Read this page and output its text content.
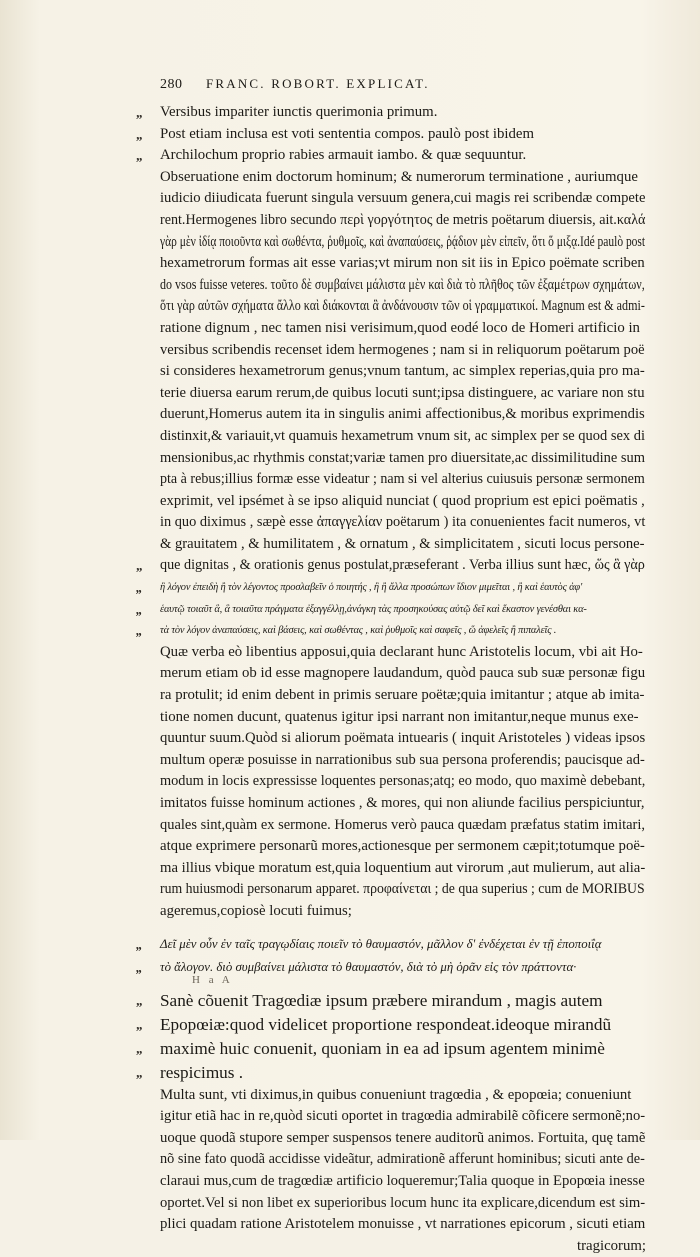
280 FRANC. ROBORT. EXPLICAT.
„ Versibus impariter iunctis querimonia primum.
„ Post etiam inclusa est voti sententia compos. paulò post ibidem
„ Archilochum proprio rabies armauit iambo. & quæ sequuntur.
Obseruatione enim doctorum hominum; & numerorum terminatione , auriumque
iudicio diiudicata fuerunt singula versuum genera,cui magis rei scribendæ compete
rent.Hermogenes libro secundo περὶ γοργότητος de metris poëtarum diuersis, ait.καλά
γὰρ μὲν ἰδίᾳ ποιοῦντα καὶ σωθέντα, ῥυθμοῖς, καὶ ἀναπαύσεις, ῥᾴδιον μὲν εἰπεῖν, ὅτι ὅ μιξᾳ.Idé paulò post
hexametrorum formas ait esse varias;vt mirum non sit iis in Epico poëmate scriben
do vsos fuisse veteres. τοῦτο δὲ συμβαίνει μάλιστα μὲν καὶ διὰ τὸ πλῆθος τῶν ἐξαμέτρων σχημάτων,
ὅτι γὰρ αὐτῶν σχήματα ἄλλο καὶ διάκονται ἃ ἀνδάνουσιν τῶν οἱ γραμματικοί. Magnum est & admi-
ratione dignum , nec tamen nisi verisimum,quod eodé loco de Homeri artificio in
versibus scribendis recenset idem hermogenes ; nam si in reliquorum poëtarum poë
si consideres hexametrorum genus;vnum tantum, ac simplex reperias,quia pro ma-
terie diuersa earum rerum,de quibus locuti sunt;ipsa distinguere, ac variare non stu
duerunt,Homerus autem ita in singulis animi affectionibus,& moribus exprimendis
distinxit,& variauit,vt quamuis hexametrum vnum sit, ac simplex per se quod sex di
mensionibus,ac rhythmis constat;variæ tamen pro diuersitate,ac dissimilitudine sum
pta à rebus;illius formæ esse videatur ; nam si vel alterius cuiusuis personæ sermonem
exprimit, vel ipsémet à se ipso aliquid nunciat ( quod proprium est epici poëmatis ,
in quo diximus , sæpè esse ἀπαγγελίαν poëtarum ) ita conuenientes facit numeros, vt
& grauitatem , & humilitatem , & ornatum , & simplicitatem , sicuti locus persone-
„ que dignitas , & orationis genus postulat,præseferant . Verba illius sunt hæc, ὥς ἃ γὰρ
„ ἢ λόγον ἐπειδὴ ἢ τὸν λέγοντος προσλαβεῖν ὁ ποιητής , ἢ ἢ ἄλλα προσώπων ἴδιον μιμεῖται , ἢ καὶ ἑαυτὸς ἀφ'
„ ἑαυτῷ τοιαῦτ ἃ, ἃ τοιαῦτα πράγματα ἐξαγγέλλῃ,ἀνάγκη τὰς προσηκούσας αὐτῷ δεῖ καὶ ἕκαστον γενέσθαι κα-
„ τὰ τὸν λόγον ἀναπαύσεις, καὶ βάσεις, καὶ σωθέντας , καὶ ῥυθμοῖς καὶ σαφεῖς , ὥ ἀφελεῖς ἢ πιπαλεῖς .
Quæ verba eò libentius apposui,quia declarant hunc Aristotelis locum, vbi ait Ho-
merum etiam ob id esse magnopere laudandum, quòd pauca sub suæ personæ figu
ra protulit; id enim debent in primis seruare poëtæ;quia imitantur ; atque ab imita-
tione nomen ducunt, quatenus igitur ipsi narrant non imitantur,neque munus exe-
quuntur suum.Quòd si aliorum poëmata intuearis ( inquit Aristoteles ) videas ipsos
multum operæ posuisse in narrationibus sub sua persona proferendis; paucisque ad-
modum in locis expressisse loquentes personas;atq; eo modo, quo maximè debebant,
imitatos fuisse hominum actiones , & mores, qui non aliunde facilius perspiciuntur,
quales sint,quàm ex sermone. Homerus verò pauca quædam præfatus statim imitari,
atque exprimere personarũ mores,actionesque per sermonem cæpit;totumque poë-
ma illius vbique moratum est,quia loquentium aut virorum ,aut mulierum, aut alia-
rum huiusmodi personarum apparet. προφαίνεται ; de qua superius ; cum de MORIBUS
ageremus,copiosè locuti fuimus;
„ Δεῖ μὲν οὖν ἐν ταῖς τραγῳδίαις ποιεῖν τὸ θαυμαστόν, μᾶλλον δ' ἐνδέχεται ἐν τῇ ἐποποιΐᾳ
„ τὸ ἄλογον. διὸ συμβαίνει μάλιστα τὸ θαυμαστόν, διὰ τὸ μὴ ὁρᾶν εἰς τὸν πράττοντα·
„ Sanè cõuenit Tragœdiæ ipsum præbere mirandum , magis autem
„ Epopœiæ:quod videlicet proportione respondeat.ideoque mirandũ
„ maximè huic conuenit, quoniam in ea ad ipsum agentem minimè
„ respicimus .
Multa sunt, vti diximus,in quibus conueniunt tragœdia , & epopœia; conueniunt
igitur etiã hac in re,quòd sicuti oportet in tragœdia admirabilẽ cõficere sermonẽ;no-
uoque quodã stupore semper suspensos tenere auditorũ animos. Fortuita, quę tamẽ
nõ sine fato quodã accidisse videãtur, admirationẽ afferunt hominibus; sicuti ante de-
claraui mus,cum de tragœdiæ artificio loqueremur;Talia quoque in Epopœia inesse
oportet.Vel si non libet ex superioribus locum hunc ita explicare,dicendum est sim-
plici quadam ratione Aristotelem monuisse , vt narrationes epicorum , sicuti etiam
tragicorum;
H a A
